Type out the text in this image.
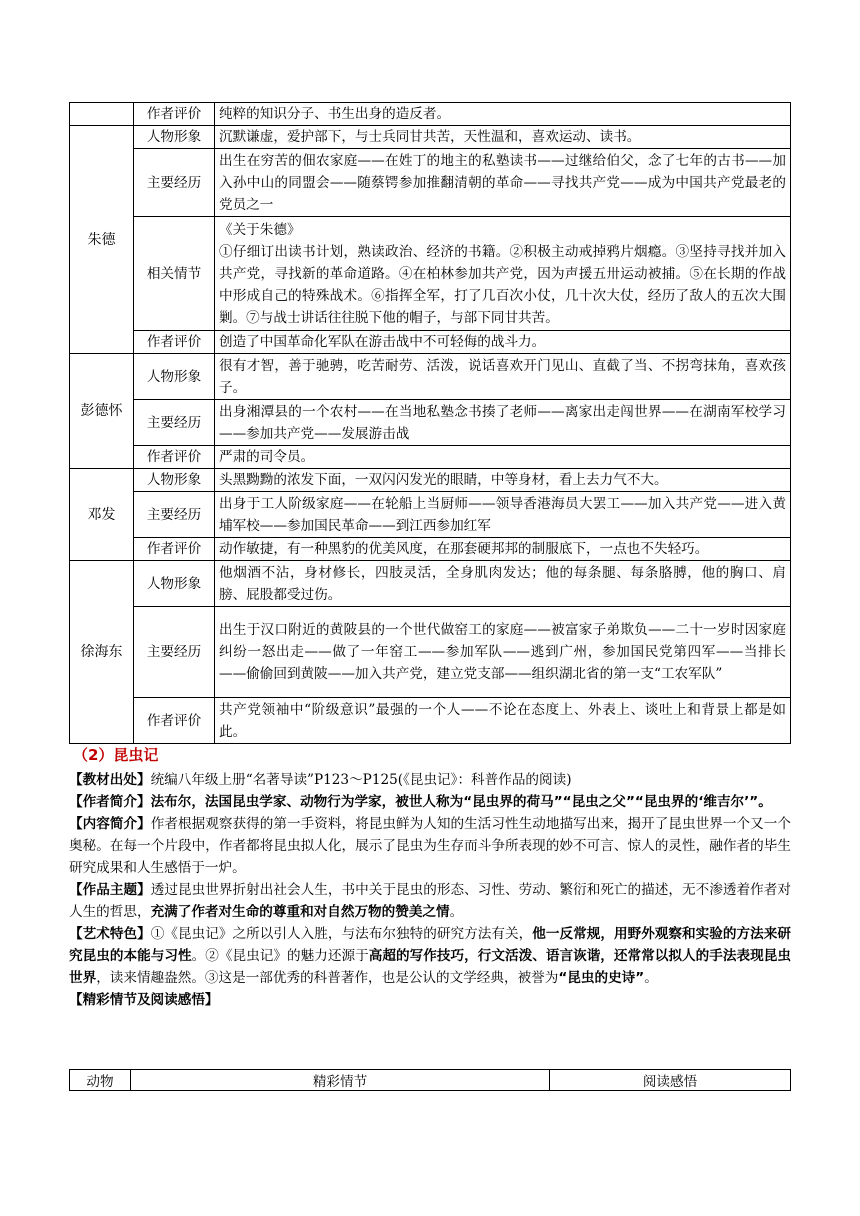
	作者评价	纯粹的知识分子、书生出身的造反者。
朱德	人物形象	沉默谦虚，爱护部下，与士兵同甘共苦，天性温和，喜欢运动、读书。
	主要经历	出生在穷苦的佃农家庭——在姓丁的地主的私塾读书——过继给伯父，念了七年的古书——加入孙中山的同盟会——随蔡锷参加推翻清朝的革命——寻找共产党——成为中国共产党最老的党员之一
	相关情节	《关于朱德》
①仔细订出读书计划，熟读政治、经济的书籍。②积极主动戒掉鸦片烟瘾。③坚持寻找并加入共产党，寻找新的革命道路。④在柏林参加共产党，因为声援五卅运动被捕。⑤在长期的作战中形成自己的特殊战术。⑥指挥全军，打了几百次小仗，几十次大仗，经历了敌人的五次大围剿。⑦与战士讲话往往脱下他的帽子，与部下同甘共苦。

	作者评价	创造了中国革命化军队在游击战中不可轻侮的战斗力。
彭德怀	人物形象	很有才智，善于驰骋，吃苦耐劳、活泼，说话喜欢开门见山、直截了当、不拐弯抹角，喜欢孩子。
	主要经历	出身湘潭县的一个农村——在当地私塾念书揍了老师——离家出走闯世界——在湖南军校学习——参加共产党——发展游击战
	作者评价	严肃的司令员。
邓发	人物形象	头黑黝黝的浓发下面，一双闪闪发光的眼睛，中等身材，看上去力气不大。
	主要经历	出身于工人阶级家庭——在轮船上当厨师——领导香港海员大罢工——加入共产党——进入黄埔军校——参加国民革命——到江西参加红军
	作者评价	动作敏捷，有一种黑豹的优美风度，在那套硬邦邦的制服底下，一点也不失轻巧。
徐海东	人物形象	他烟酒不沾，身材修长，四肢灵活，全身肌肉发达；他的每条腿、每条胳膊，他的胸口、肩膀、屁股都受过伤。
	主要经历	出生于汉口附近的黄陂县的一个世代做窑工的家庭——被富家子弟欺负——二十一岁时因家庭纠纷一怒出走——做了一年窑工——参加军队——逃到广州，参加国民党第四军——当排长——偷偷回到黄陂——加入共产党，建立党支部——组织湖北省的第一支“工农军队”
	作者评价	共产党领袖中“阶级意识”最强的一个人——不论在态度上、外表上、谈吐上和背景上都是如此。
（2）昆虫记

【教材出处】统编八年级上册“名著导读”P123～P125(《昆虫记》：科普作品的阅读)

【作者简介】法布尔，法国昆虫学家、动物行为学家，被世人称为“昆虫界的荷马”“昆虫之父”“昆虫界的‘维吉尔’”。

【内容简介】作者根据观察获得的第一手资料，将昆虫鲜为人知的生活习性生动地描写出来，揭开了昆虫世界一个又一个奥秘。在每一个片段中，作者都将昆虫拟人化，展示了昆虫为生存而斗争所表现的妙不可言、惊人的灵性，融作者的毕生研究成果和人生感悟于一炉。

【作品主题】透过昆虫世界折射出社会人生，书中关于昆虫的形态、习性、劳动、繁衍和死亡的描述，无不渗透着作者对人生的哲思，充满了作者对生命的尊重和对自然万物的赞美之情。

【艺术特色】①《昆虫记》之所以引人入胜，与法布尔独特的研究方法有关，他一反常规，用野外观察和实验的方法来研究昆虫的本能与习性。②《昆虫记》的魅力还源于高超的写作技巧，行文活泼、语言诙谐，还常常以拟人的手法表现昆虫世界，读来情趣盎然。③这是一部优秀的科普著作，也是公认的文学经典，被誉为“昆虫的史诗”。

【精彩情节及阅读感悟】

动物	精彩情节	阅读感悟
